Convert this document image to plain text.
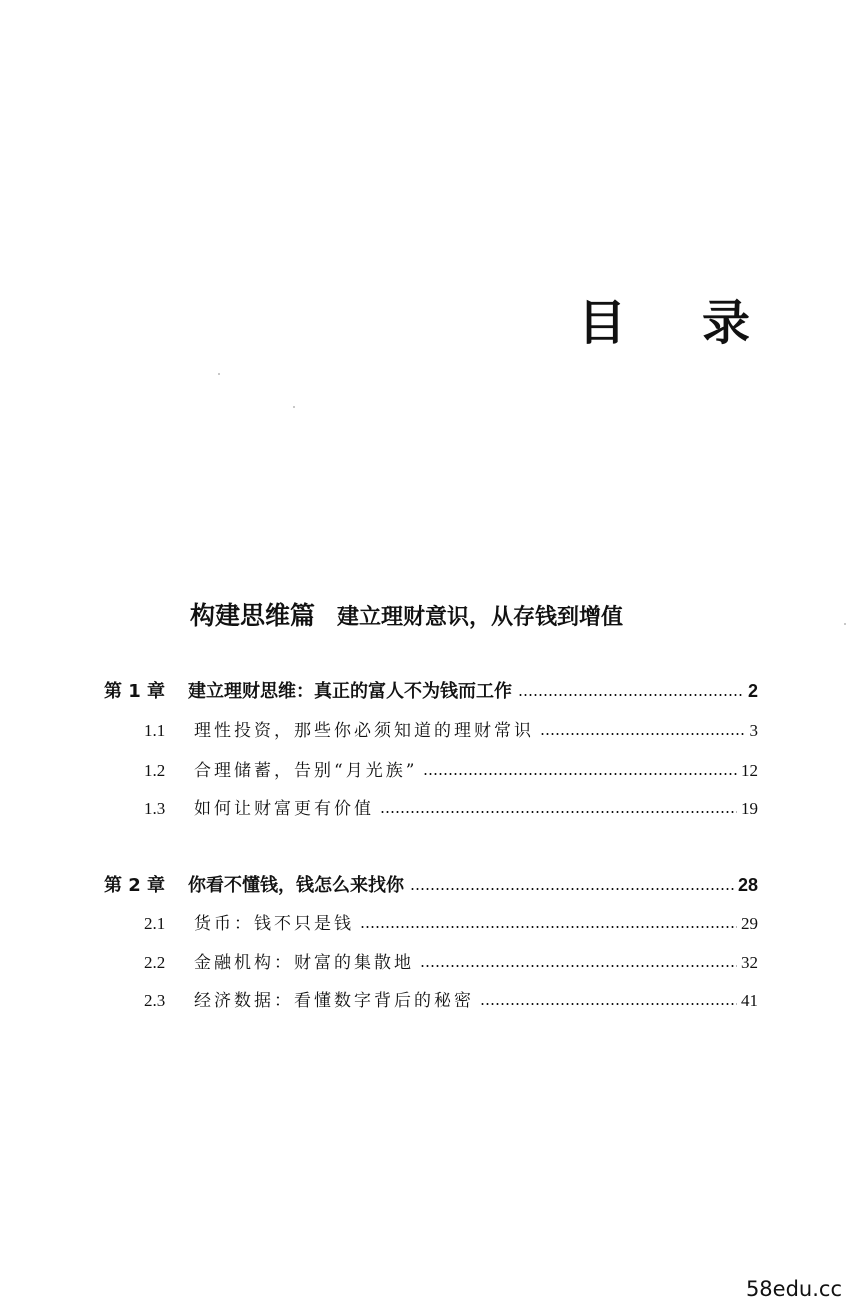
目录
构建思维篇 建立理财意识，从存钱到增值
第 1 章	建立理财思维：真正的富人不为钱而工作	2
1.1	理性投资，那些你必须知道的理财常识	3
1.2	合理储蓄，告别“月光族”	12
1.3	如何让财富更有价值	19
第 2 章	你看不懂钱，钱怎么来找你	28
2.1	货币：钱不只是钱	29
2.2	金融机构：财富的集散地	32
2.3	经济数据：看懂数字背后的秘密	41
58edu.cc
